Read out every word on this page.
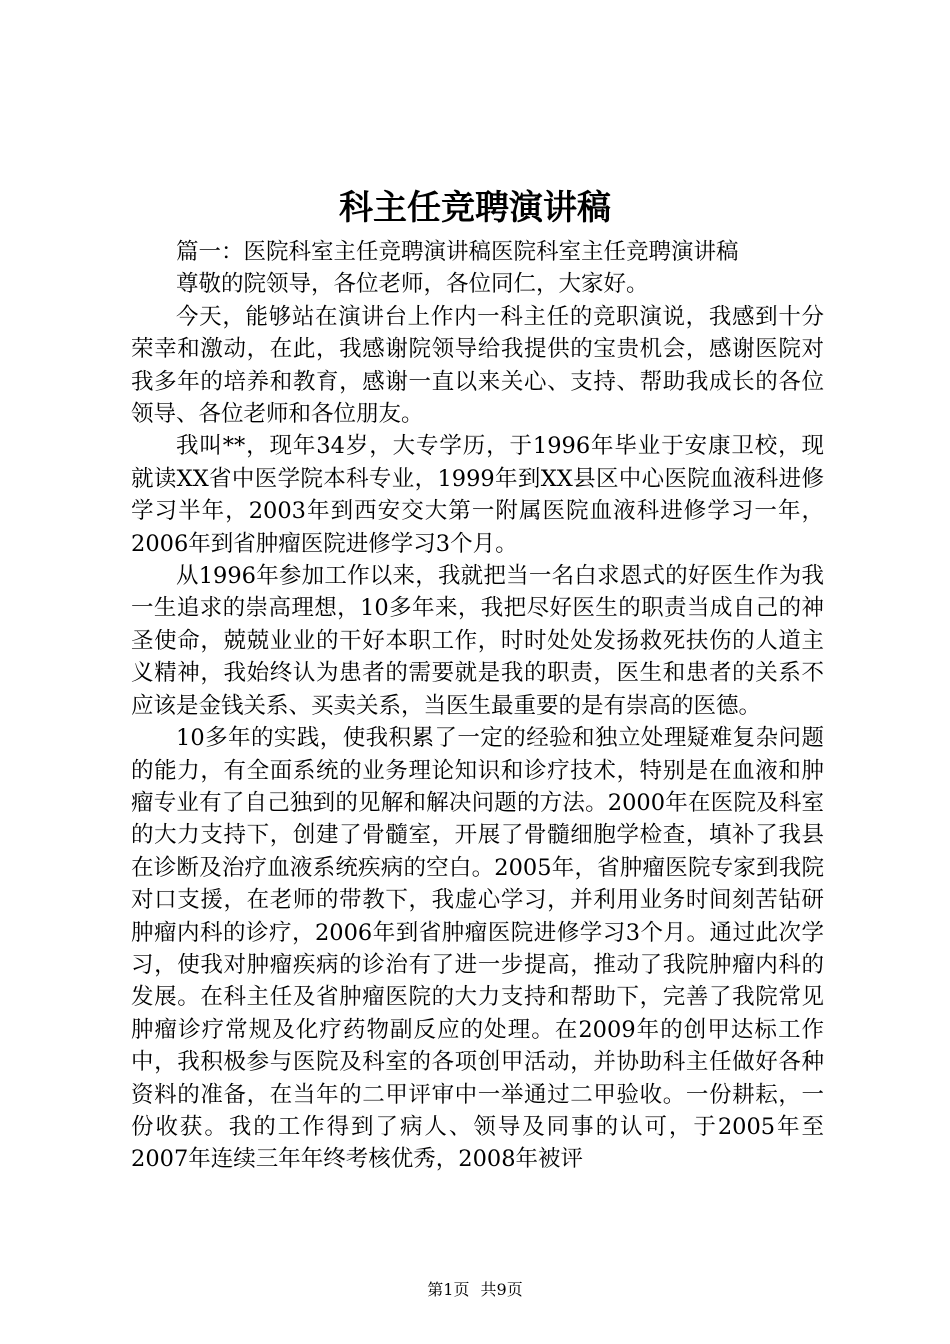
科主任竞聘演讲稿

篇一：医院科室主任竞聘演讲稿医院科室主任竞聘演讲稿

尊敬的院领导，各位老师，各位同仁，大家好。

今天，能够站在演讲台上作内一科主任的竞职演说，我感到十分荣幸和激动，在此，我感谢院领导给我提供的宝贵机会，感谢医院对我多年的培养和教育，感谢一直以来关心、支持、帮助我成长的各位领导、各位老师和各位朋友。

我叫**，现年34岁，大专学历，于1996年毕业于安康卫校，现就读XX省中医学院本科专业，1999年到XX县区中心医院血液科进修学习半年，2003年到西安交大第一附属医院血液科进修学习一年，2006年到省肿瘤医院进修学习3个月。

从1996年参加工作以来，我就把当一名白求恩式的好医生作为我一生追求的崇高理想，10多年来，我把尽好医生的职责当成自己的神圣使命，兢兢业业的干好本职工作，时时处处发扬救死扶伤的人道主义精神，我始终认为患者的需要就是我的职责，医生和患者的关系不应该是金钱关系、买卖关系，当医生最重要的是有崇高的医德。

10多年的实践，使我积累了一定的经验和独立处理疑难复杂问题的能力，有全面系统的业务理论知识和诊疗技术，特别是在血液和肿瘤专业有了自己独到的见解和解决问题的方法。2000年在医院及科室的大力支持下，创建了骨髓室，开展了骨髓细胞学检查，填补了我县在诊断及治疗血液系统疾病的空白。2005年，省肿瘤医院专家到我院对口支援，在老师的带教下，我虚心学习，并利用业务时间刻苦钻研肿瘤内科的诊疗，2006年到省肿瘤医院进修学习3个月。通过此次学习，使我对肿瘤疾病的诊治有了进一步提高，推动了我院肿瘤内科的发展。在科主任及省肿瘤医院的大力支持和帮助下，完善了我院常见肿瘤诊疗常规及化疗药物副反应的处理。在2009年的创甲达标工作中，我积极参与医院及科室的各项创甲活动，并协助科主任做好各种资料的准备，在当年的二甲评审中一举通过二甲验收。一份耕耘，一份收获。我的工作得到了病人、领导及同事的认可，于2005年至2007年连续三年年终考核优秀，2008年被评

第1页 共9页
